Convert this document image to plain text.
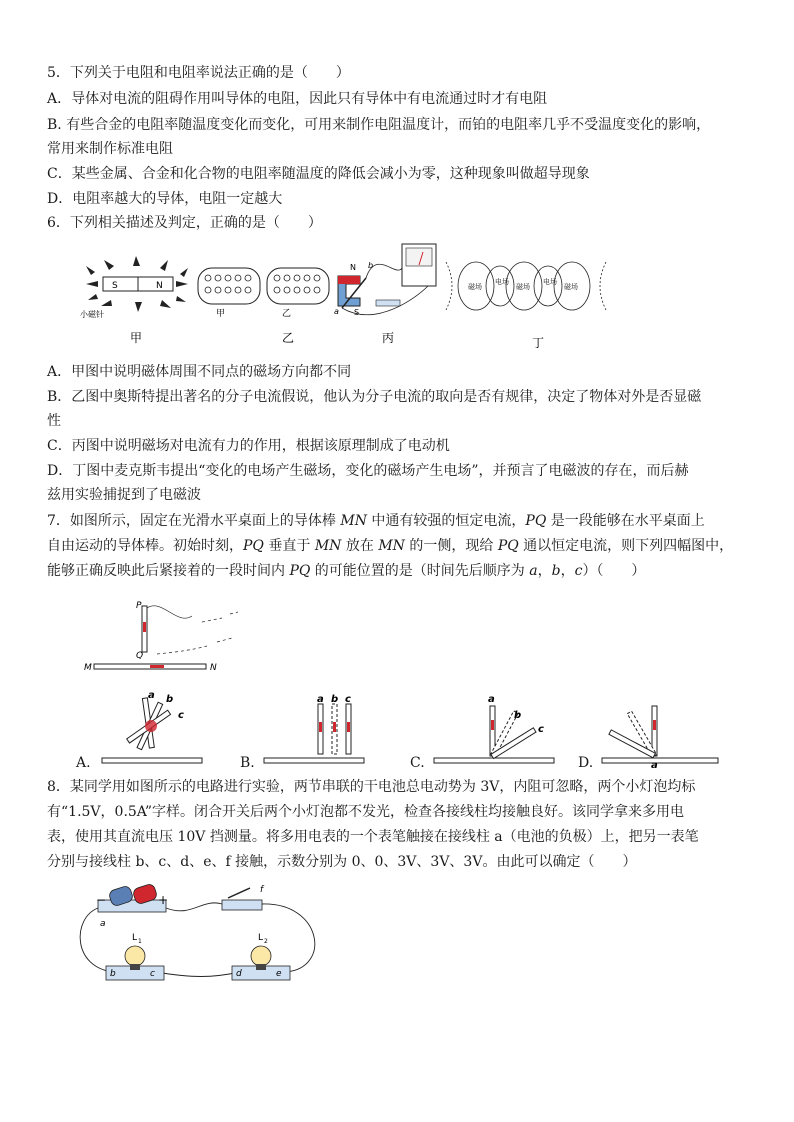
5．下列关于电阻和电阻率说法正确的是（　　）
A．导体对电流的阻碍作用叫导体的电阻，因此只有导体中有电流通过时才有电阻
B. 有些合金的电阻率随温度变化而变化，可用来制作电阻温度计，而铂的电阻率几乎不受温度变化的影响，
常用来制作标准电阻
C．某些金属、合金和化合物的电阻率随温度的降低会减小为零，这种现象叫做超导现象
D．电阻率越大的导体，电阻一定越大
6．下列相关描述及判定，正确的是（　　）
S	N
小磁针
甲
甲	乙
乙
N
S
a
b
丙
磁场
电场
磁场
电场
磁场
丁
A．甲图中说明磁体周围不同点的磁场方向都不同
B．乙图中奥斯特提出著名的分子电流假说，他认为分子电流的取向是否有规律，决定了物体对外是否显磁
性
C．丙图中说明磁场对电流有力的作用，根据该原理制成了电动机
D．丁图中麦克斯韦提出“变化的电场产生磁场，变化的磁场产生电场”，并预言了电磁波的存在，而后赫
兹用实验捕捉到了电磁波
7．如图所示，固定在光滑水平桌面上的导体棒 MN 中通有较强的恒定电流，PQ 是一段能够在水平桌面上
自由运动的导体棒。初始时刻，PQ 垂直于 MN 放在 MN 的一侧，现给 PQ 通以恒定电流，则下列四幅图中，
能够正确反映此后紧接着的一段时间内 PQ 的可能位置的是（时间先后顺序为 a，b，c）（　　）
P
Q
M	N
A.
a b
c
B.
a b c
C.
a
b
c
D.	a
8．某同学用如图所示的电路进行实验，两节串联的干电池总电动势为 3V，内阻可忽略，两个小灯泡均标
有“1.5V，0.5A”字样。闭合开关后两个小灯泡都不发光，检查各接线柱均接触良好。该同学拿来多用电
表，使用其直流电压 10V 挡测量。将多用电表的一个表笔触接在接线柱 a（电池的负极）上，把另一表笔
分别与接线柱 b、c、d、e、f 接触，示数分别为 0、0、3V、3V、3V。由此可以确定（　　）
−	+
a
f
L 1
b	c
L 2
d	e
